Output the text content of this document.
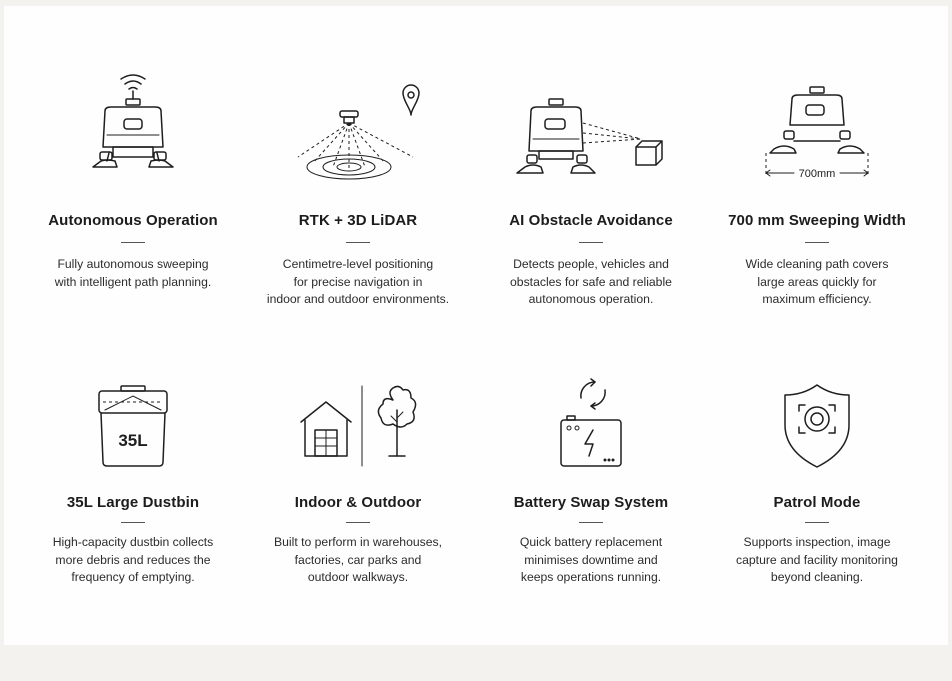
Autonomous Operation
Fully autonomous sweeping
with intelligent path planning.
RTK + 3D LiDAR
Centimetre-level positioning
for precise navigation in
indoor and outdoor environments.
AI Obstacle Avoidance
Detects people, vehicles and
obstacles for safe and reliable
autonomous operation.
700mm
700 mm Sweeping Width
Wide cleaning path covers
large areas quickly for
maximum efficiency.
35L
35L Large Dustbin
High-capacity dustbin collects
more debris and reduces the
frequency of emptying.
Indoor & Outdoor
Built to perform in warehouses,
factories, car parks and
outdoor walkways.
Battery Swap System
Quick battery replacement
minimises downtime and
keeps operations running.
Patrol Mode
Supports inspection, image
capture and facility monitoring
beyond cleaning.
